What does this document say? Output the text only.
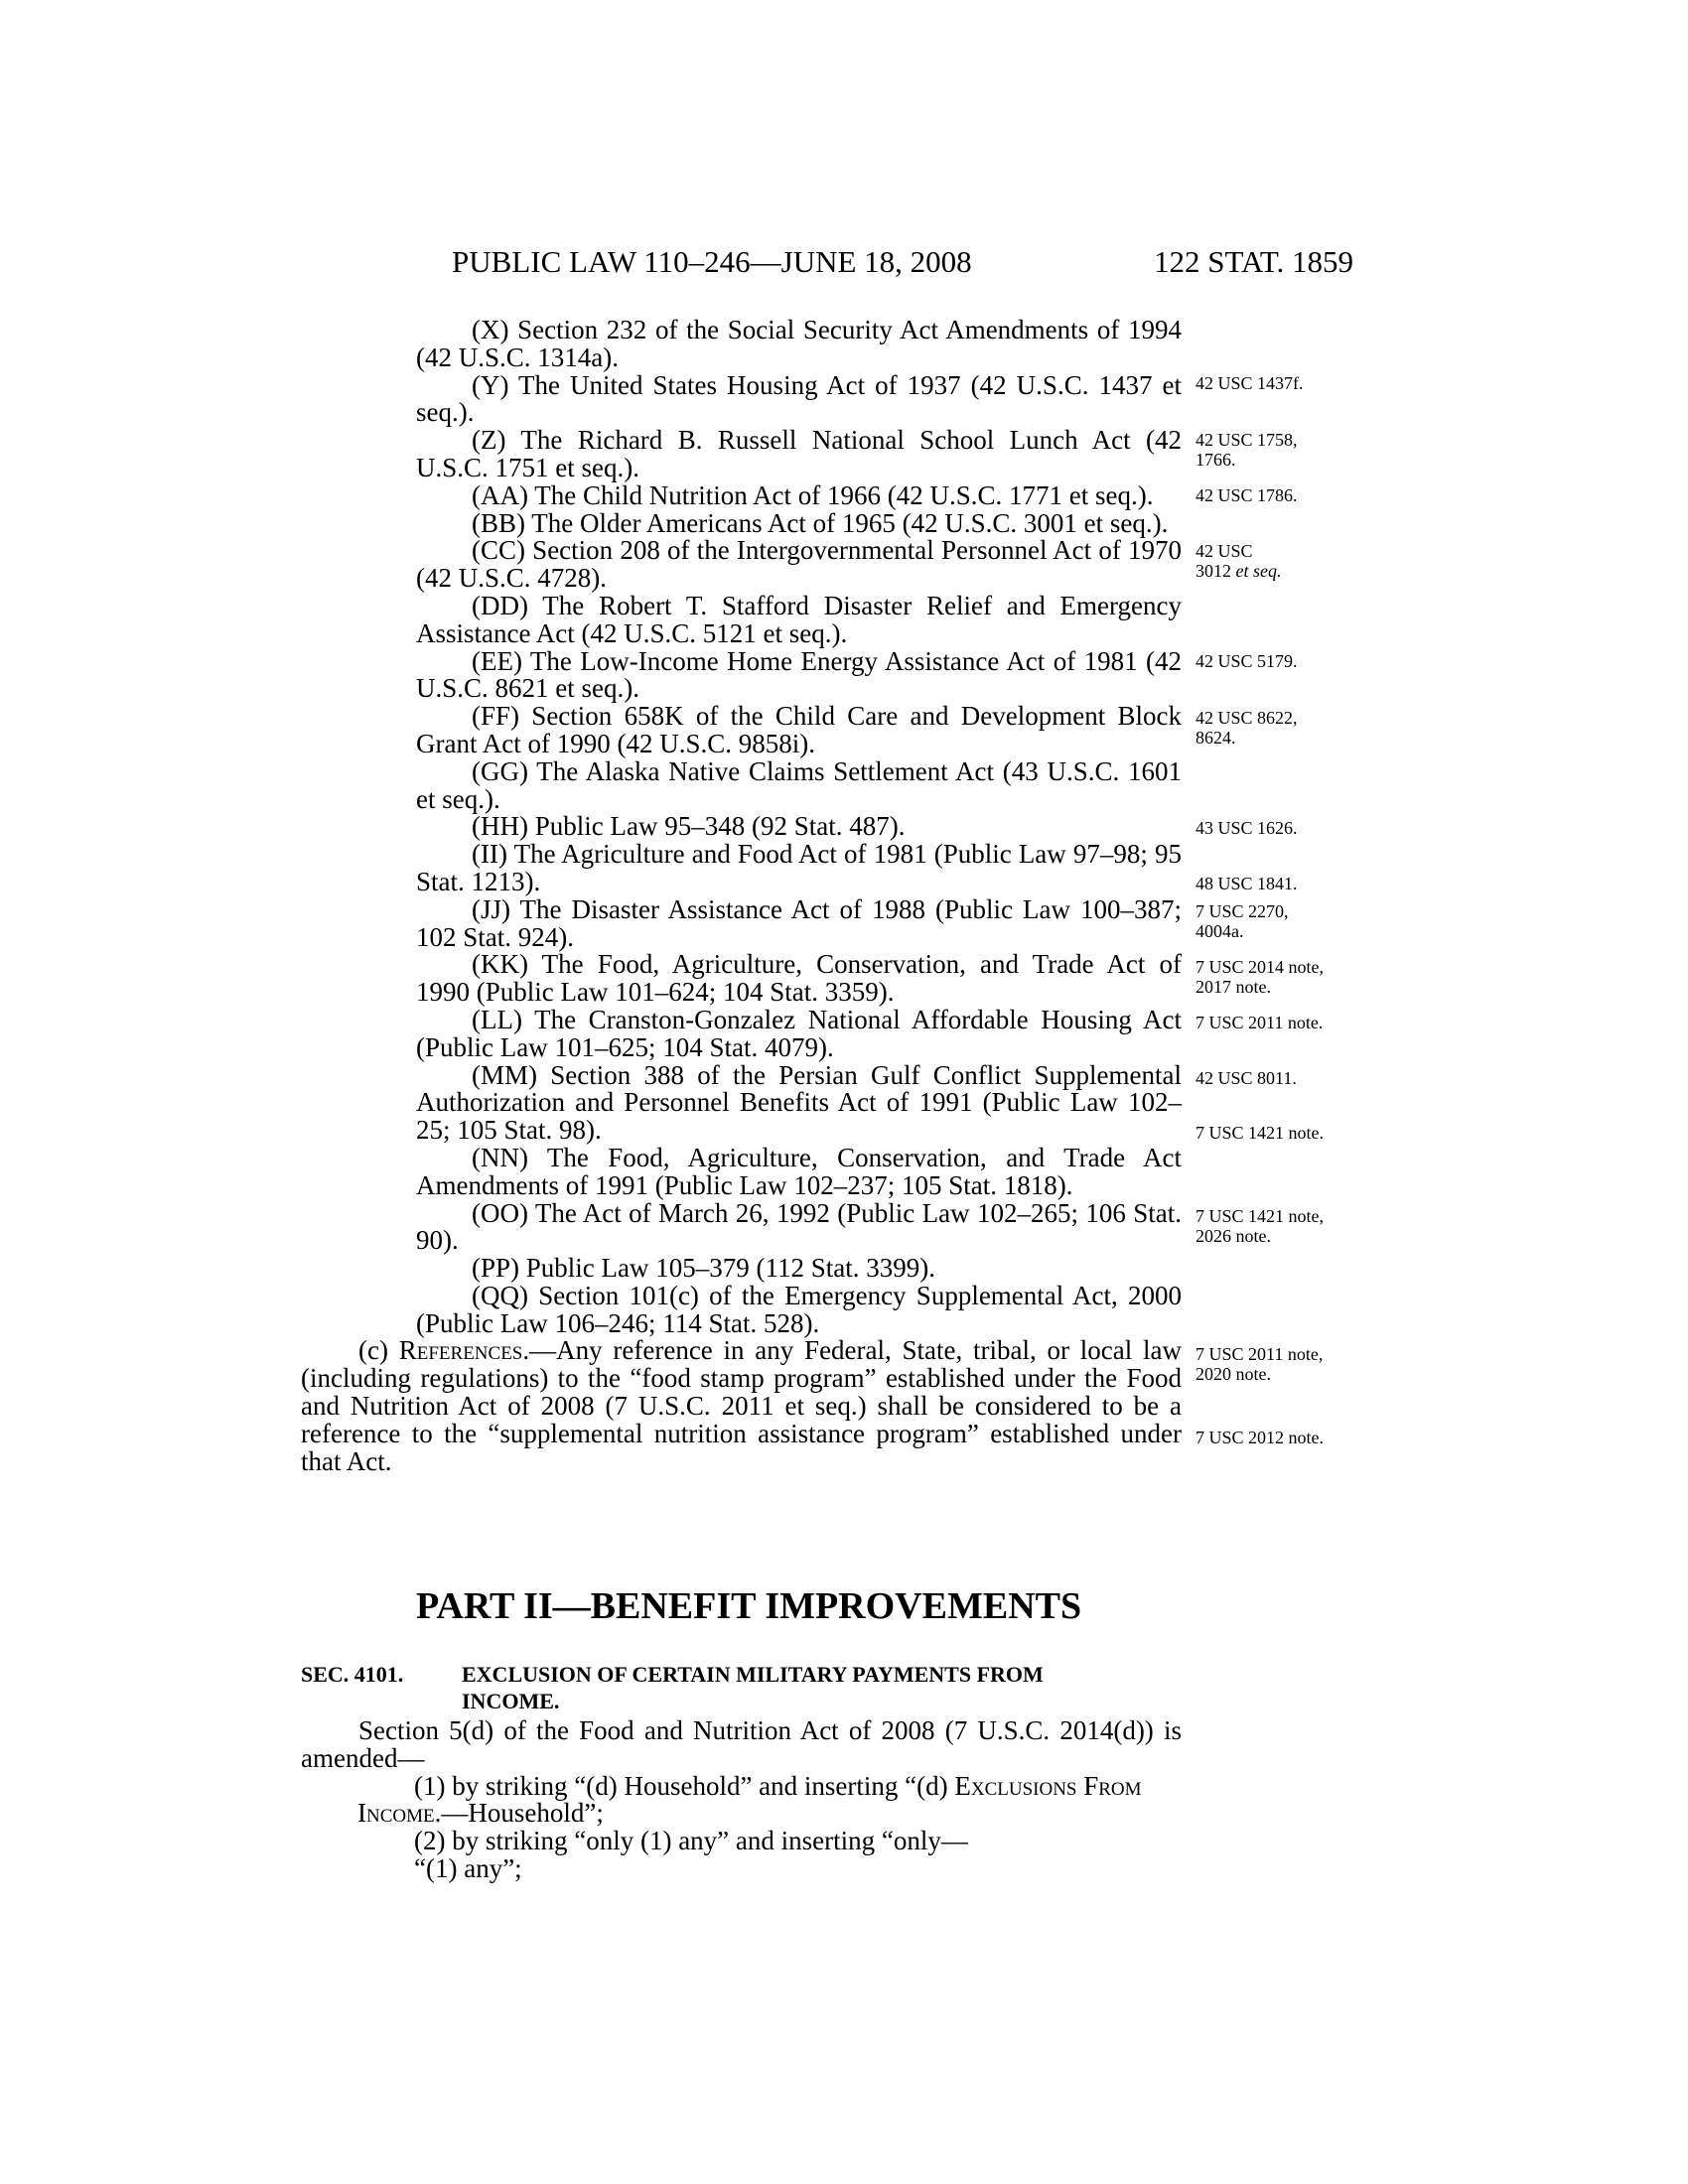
PUBLIC LAW 110–246—JUNE 18, 2008	122 STAT. 1859

(X) Section 232 of the Social Security Act Amendments of 1994 (42 U.S.C. 1314a).

(Y) The United States Housing Act of 1937 (42 U.S.C. 1437 et seq.).

(Z) The Richard B. Russell National School Lunch Act (42 U.S.C. 1751 et seq.).

(AA) The Child Nutrition Act of 1966 (42 U.S.C. 1771 et seq.).

(BB) The Older Americans Act of 1965 (42 U.S.C. 3001 et seq.).

(CC) Section 208 of the Intergovernmental Personnel Act of 1970 (42 U.S.C. 4728).

(DD) The Robert T. Stafford Disaster Relief and Emergency Assistance Act (42 U.S.C. 5121 et seq.).

(EE) The Low-Income Home Energy Assistance Act of 1981 (42 U.S.C. 8621 et seq.).

(FF) Section 658K of the Child Care and Development Block Grant Act of 1990 (42 U.S.C. 9858i).

(GG) The Alaska Native Claims Settlement Act (43 U.S.C. 1601 et seq.).

(HH) Public Law 95–348 (92 Stat. 487).

(II) The Agriculture and Food Act of 1981 (Public Law 97–98; 95 Stat. 1213).

(JJ) The Disaster Assistance Act of 1988 (Public Law 100–387; 102 Stat. 924).

(KK) The Food, Agriculture, Conservation, and Trade Act of 1990 (Public Law 101–624; 104 Stat. 3359).

(LL) The Cranston-Gonzalez National Affordable Housing Act (Public Law 101–625; 104 Stat. 4079).

(MM) Section 388 of the Persian Gulf Conflict Supplemental Authorization and Personnel Benefits Act of 1991 (Public Law 102–25; 105 Stat. 98).

(NN) The Food, Agriculture, Conservation, and Trade Act Amendments of 1991 (Public Law 102–237; 105 Stat. 1818).

(OO) The Act of March 26, 1992 (Public Law 102–265; 106 Stat. 90).

(PP) Public Law 105–379 (112 Stat. 3399).

(QQ) Section 101(c) of the Emergency Supplemental Act, 2000 (Public Law 106–246; 114 Stat. 528).

(c) References.—Any reference in any Federal, State, tribal, or local law (including regulations) to the “food stamp program” established under the Food and Nutrition Act of 2008 (7 U.S.C. 2011 et seq.) shall be considered to be a reference to the “supplemental nutrition assistance program” established under that Act.

PART II—BENEFIT IMPROVEMENTS
SEC. 4101.	EXCLUSION OF CERTAIN MILITARY PAYMENTS FROM
INCOME.

Section 5(d) of the Food and Nutrition Act of 2008 (7 U.S.C. 2014(d)) is amended—

(1) by striking “(d) Household” and inserting “(d) Exclusions From Income.—Household”;

(2) by striking “only (1) any” and inserting “only—

“(1) any”;

42 USC 1437f.
42 USC 1758,
1766.
42 USC 1786.
42 USC
3012 et seq.
42 USC 5179.
42 USC 8622,
8624.
43 USC 1626.
48 USC 1841.
7 USC 2270,
4004a.
7 USC 2014 note,
2017 note.
7 USC 2011 note.
42 USC 8011.
7 USC 1421 note.
7 USC 1421 note,
2026 note.
7 USC 2011 note,
2020 note.
7 USC 2012 note.
